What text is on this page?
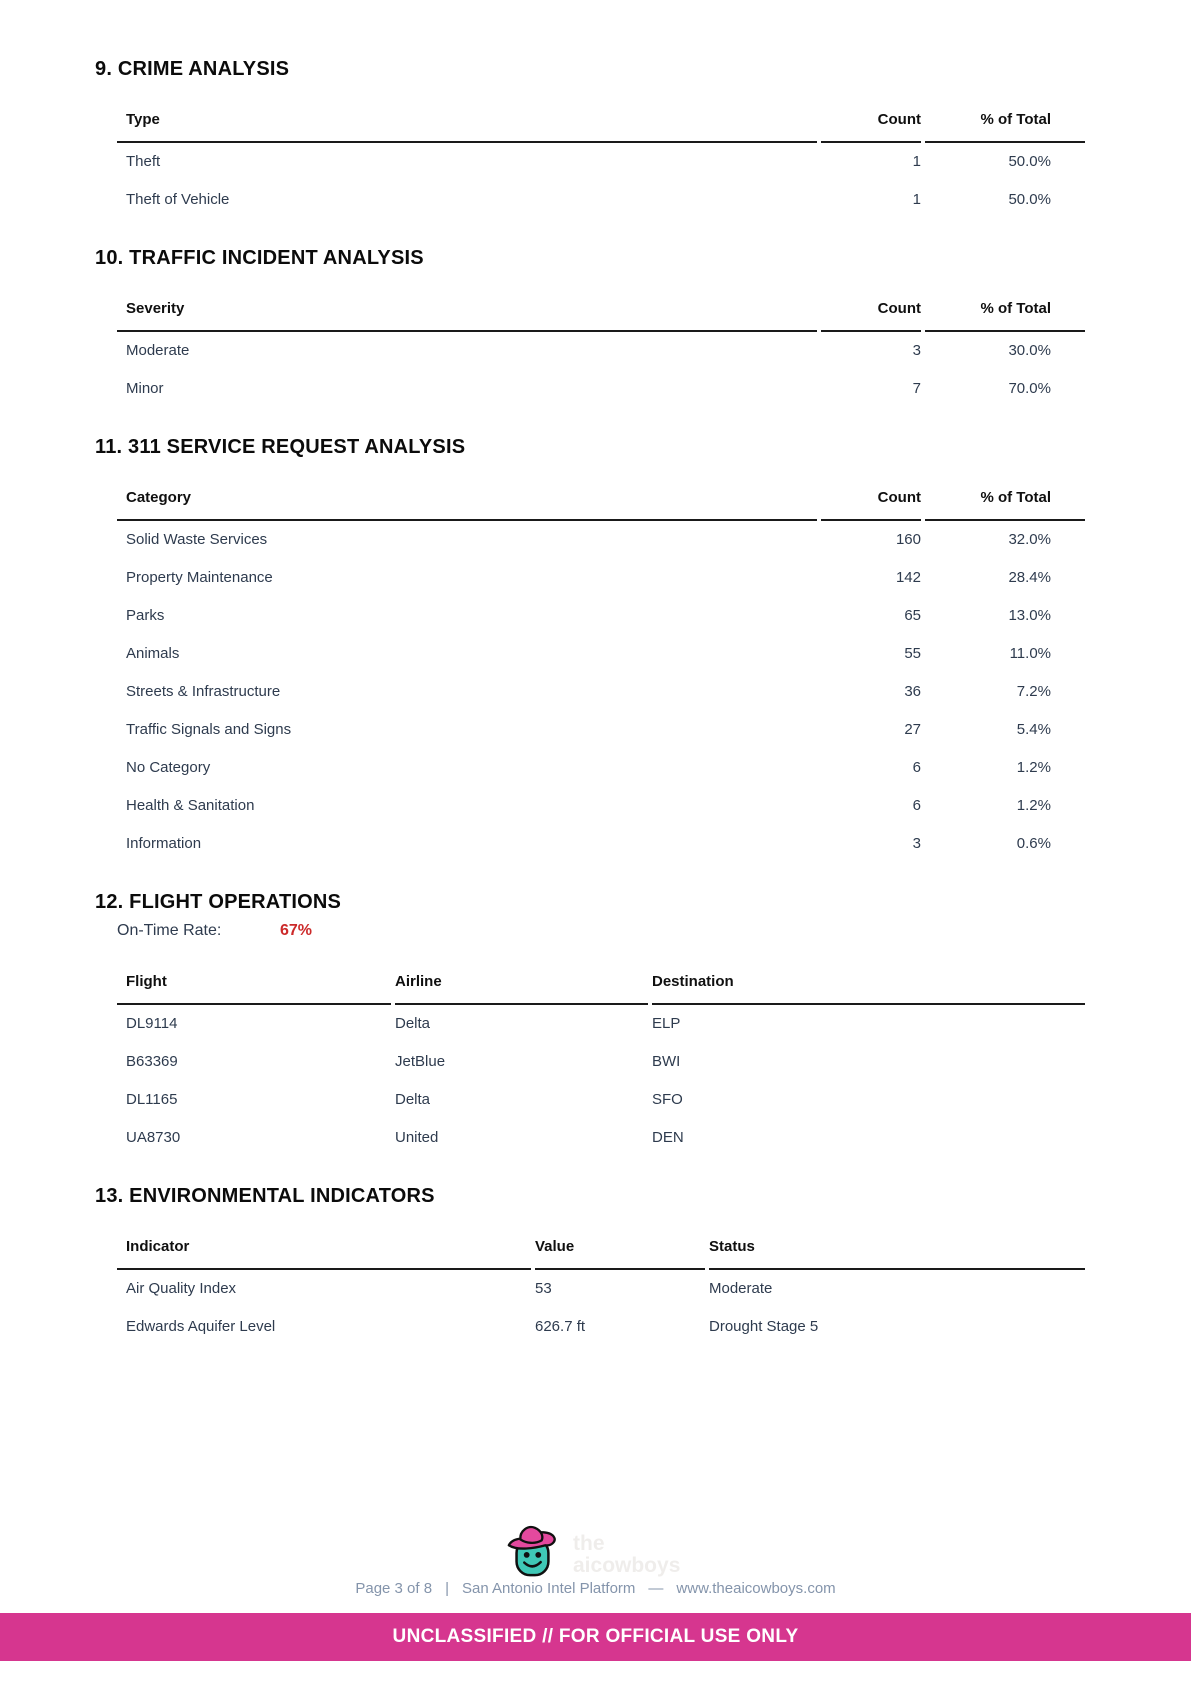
9. CRIME ANALYSIS
Type	Count	% of Total
Theft	1	50.0%
Theft of Vehicle	1	50.0%
10. TRAFFIC INCIDENT ANALYSIS
Severity	Count	% of Total
Moderate	3	30.0%
Minor	7	70.0%
11. 311 SERVICE REQUEST ANALYSIS
Category	Count	% of Total
Solid Waste Services	160	32.0%
Property Maintenance	142	28.4%
Parks	65	13.0%
Animals	55	11.0%
Streets & Infrastructure	36	7.2%
Traffic Signals and Signs	27	5.4%
No Category	6	1.2%
Health & Sanitation	6	1.2%
Information	3	0.6%
12. FLIGHT OPERATIONS
On-Time Rate:	67%
Flight	Airline	Destination
DL9114	Delta	ELP
B63369	JetBlue	BWI
DL1165	Delta	SFO
UA8730	United	DEN
13. ENVIRONMENTAL INDICATORS
Indicator	Value	Status
Air Quality Index	53	Moderate
Edwards Aquifer Level	626.7 ft	Drought Stage 5
the
aicowboys
Page 3 of 8 | San Antonio Intel Platform — www.theaicowboys.com
UNCLASSIFIED // FOR OFFICIAL USE ONLY
